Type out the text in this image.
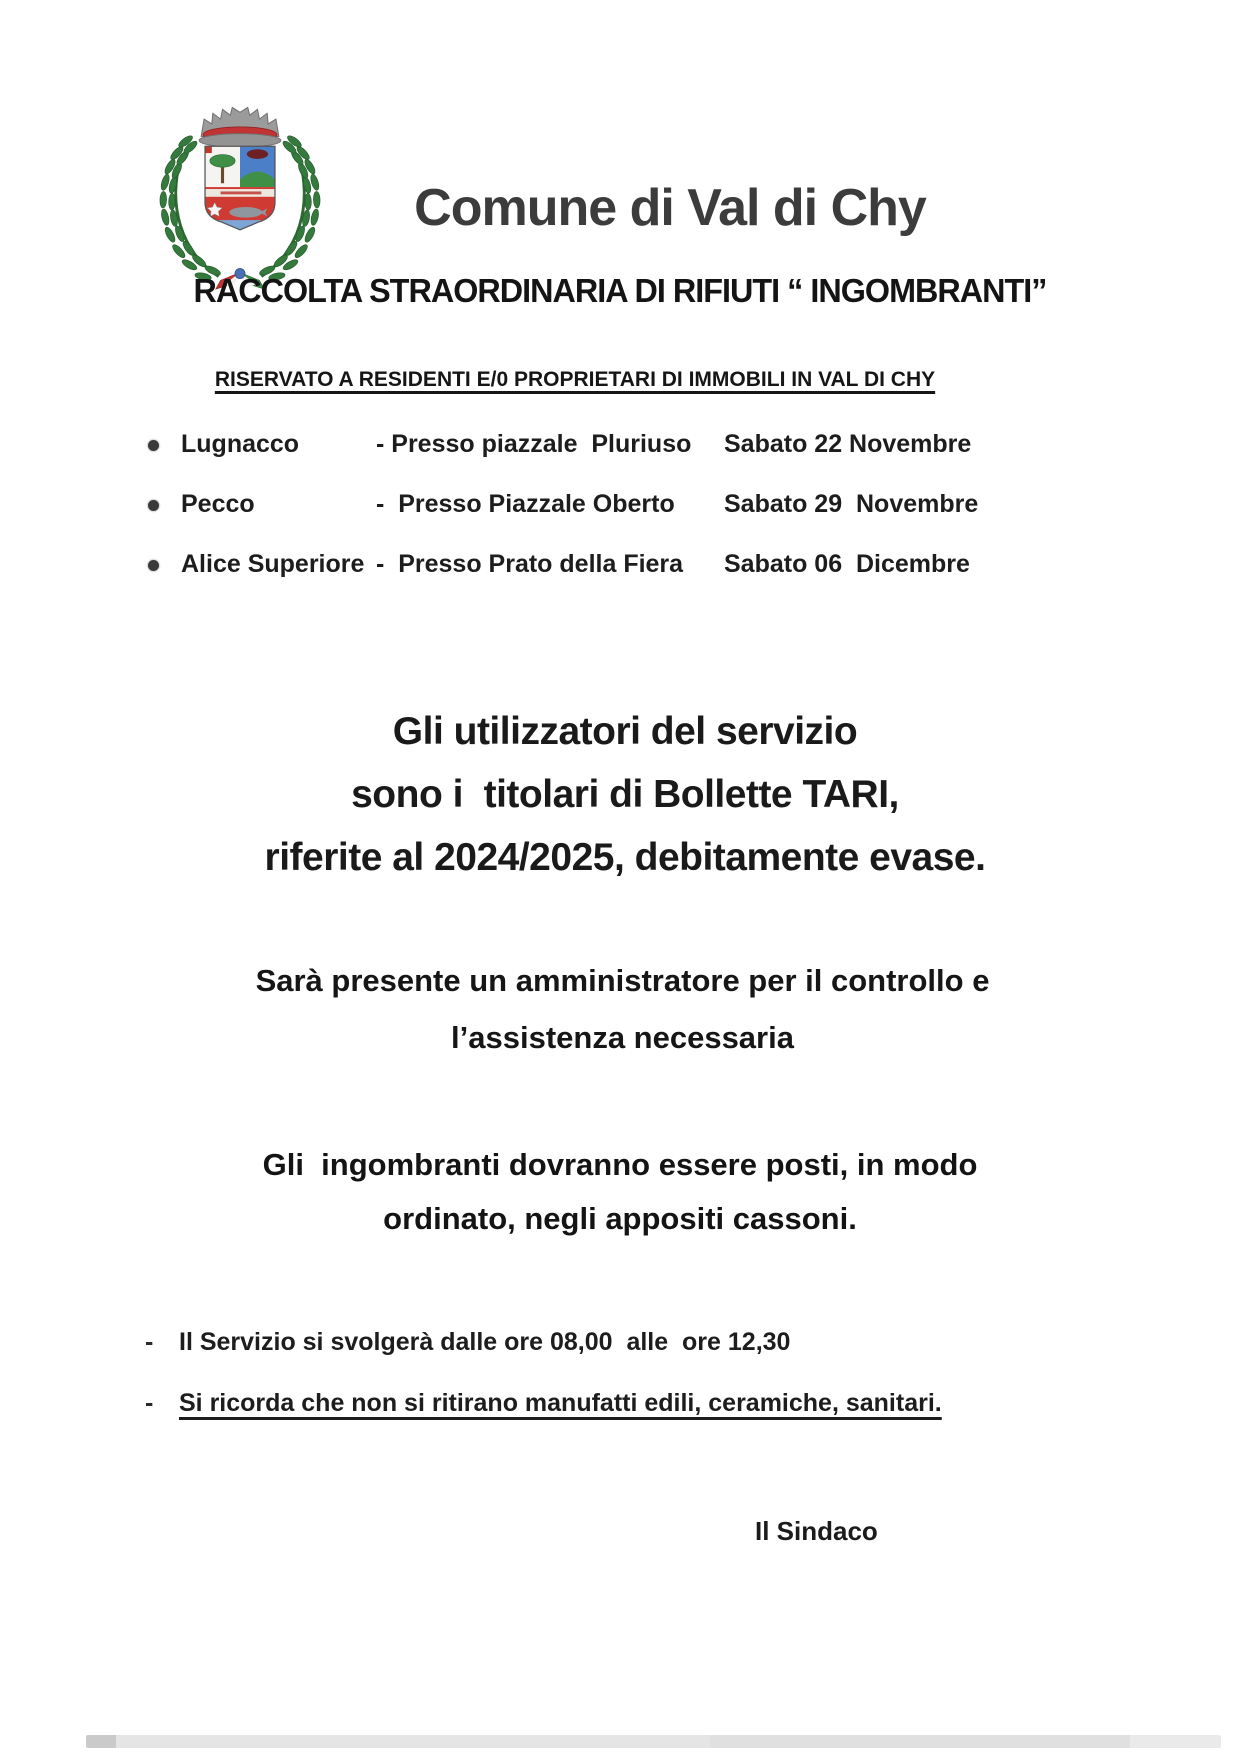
Comune di Val di Chy
RACCOLTA STRAORDINARIA DI RIFIUTI “ INGOMBRANTI”
RISERVATO A RESIDENTI E/0 PROPRIETARI DI IMMOBILI IN VAL DI CHY
Lugnacco	- Presso piazzale  Pluriuso	Sabato 22 Novembre
Pecco	-  Presso Piazzale Oberto	Sabato 29  Novembre
Alice Superiore -  Presso Prato della Fiera	Sabato 06  Dicembre
Gli utilizzatori del servizio
sono i  titolari di Bollette TARI,
riferite al 2024/2025, debitamente evase.
Sarà presente un amministratore per il controllo e
l’assistenza necessaria
Gli  ingombranti dovranno essere posti, in modo
ordinato, negli appositi cassoni.
-	Il Servizio si svolgerà dalle ore 08,00  alle  ore 12,30
-	Si ricorda che non si ritirano manufatti edili, ceramiche, sanitari.
Il Sindaco
